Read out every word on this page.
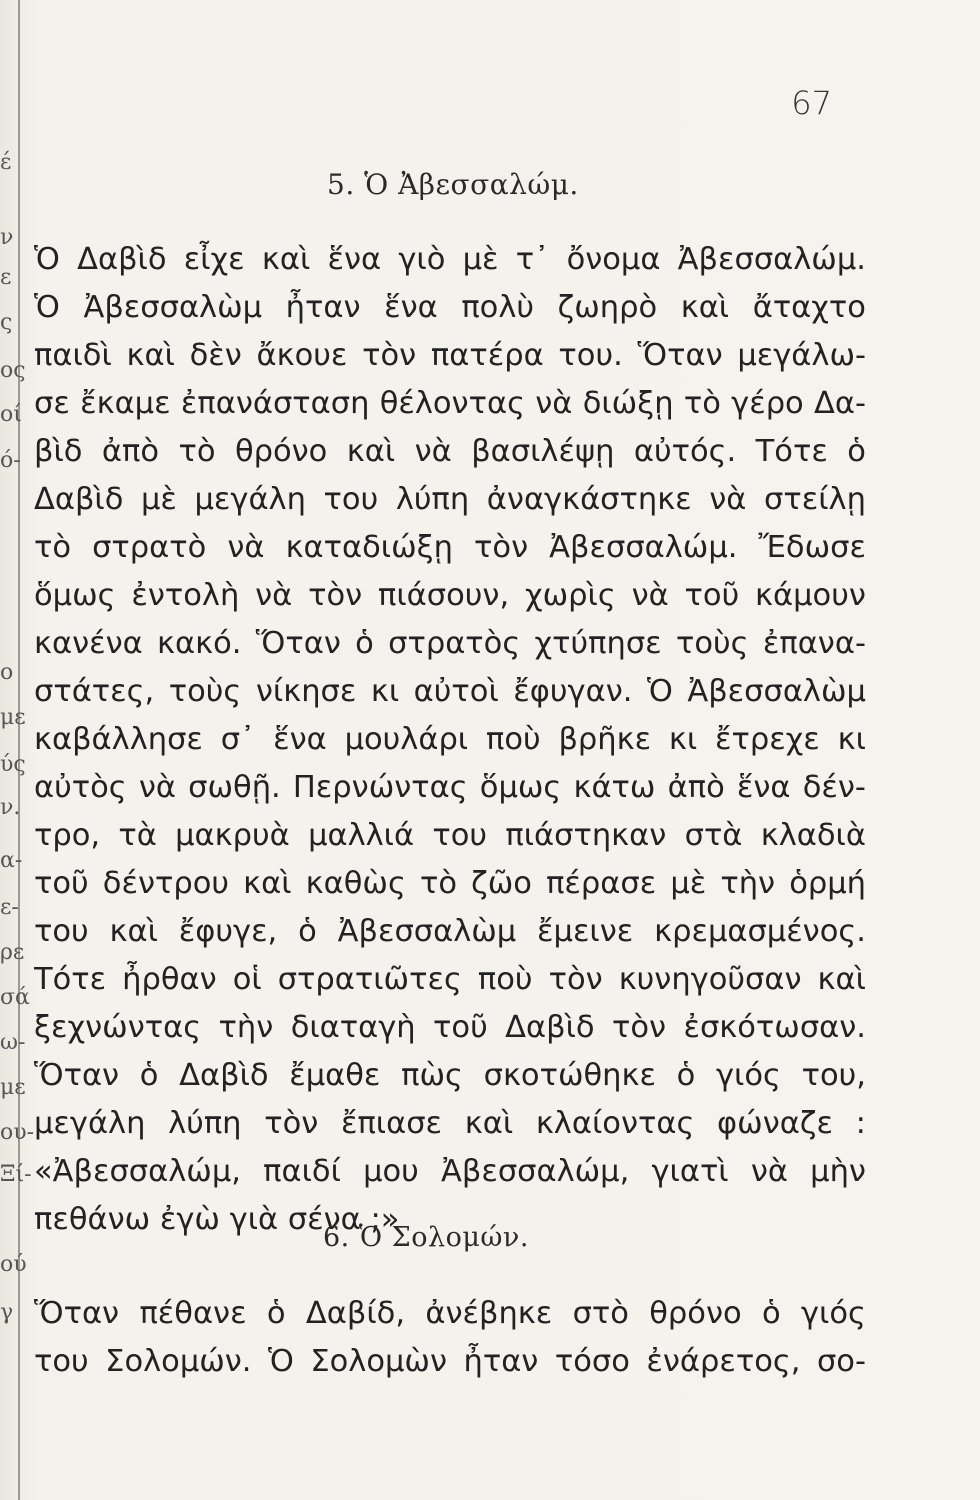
έ
ν
ε
ς
ος
οί
ό-
ο
με
ύς
ν.
α-
ε-
ρε
σά
ω-
με
ου-
Ξί-
ού
γ
67
5. Ὁ Ἀβεσσαλώμ.
Ὁ Δαβὶδ εἶχε καὶ ἕνα γιὸ μὲ τ᾿ ὄνομα Ἀβεσσαλώμ.
Ὁ Ἀβεσσαλὼμ ἦταν ἕνα πολὺ ζωηρὸ καὶ ἄταχτο
παιδὶ καὶ δὲν ἄκουε τὸν πατέρα του. Ὅταν μεγάλω-
σε ἔκαμε ἐπανάσταση θέλοντας νὰ διώξῃ τὸ γέρο Δα-
βὶδ ἀπὸ τὸ θρόνο καὶ νὰ βασιλέψῃ αὐτός. Τότε ὁ
Δαβὶδ μὲ μεγάλη του λύπη ἀναγκάστηκε νὰ στείλῃ
τὸ στρατὸ νὰ καταδιώξῃ τὸν Ἀβεσσαλώμ. Ἔδωσε
ὅμως ἐντολὴ νὰ τὸν πιάσουν, χωρὶς νὰ τοῦ κάμουν
κανένα κακό. Ὅταν ὁ στρατὸς χτύπησε τοὺς ἐπανα-
στάτες, τοὺς νίκησε κι αὐτοὶ ἔφυγαν. Ὁ Ἀβεσσαλὼμ
καβάλλησε σ᾿ ἕνα μουλάρι ποὺ βρῆκε κι ἔτρεχε κι
αὐτὸς νὰ σωθῇ. Περνώντας ὅμως κάτω ἀπὸ ἕνα δέν-
τρο, τὰ μακρυὰ μαλλιά του πιάστηκαν στὰ κλαδιὰ
τοῦ δέντρου καὶ καθὼς τὸ ζῶο πέρασε μὲ τὴν ὁρμή
του καὶ ἔφυγε, ὁ Ἀβεσσαλὼμ ἔμεινε κρεμασμένος.
Τότε ἦρθαν οἱ στρατιῶτες ποὺ τὸν κυνηγοῦσαν καὶ
ξεχνώντας τὴν διαταγὴ τοῦ Δαβὶδ τὸν ἐσκότωσαν.
Ὅταν ὁ Δαβὶδ ἔμαθε πὼς σκοτώθηκε ὁ γιός του,
μεγάλη λύπη τὸν ἔπιασε καὶ κλαίοντας φώναζε :
«Ἀβεσσαλώμ, παιδί μου Ἀβεσσαλώμ, γιατὶ νὰ μὴν
πεθάνω ἐγὼ γιὰ σένα ;»
6. Ὁ Σολομών.
Ὅταν πέθανε ὁ Δαβίδ, ἀνέβηκε στὸ θρόνο ὁ γιός
του Σολομών. Ὁ Σολομὼν ἦταν τόσο ἐνάρετος, σο-
